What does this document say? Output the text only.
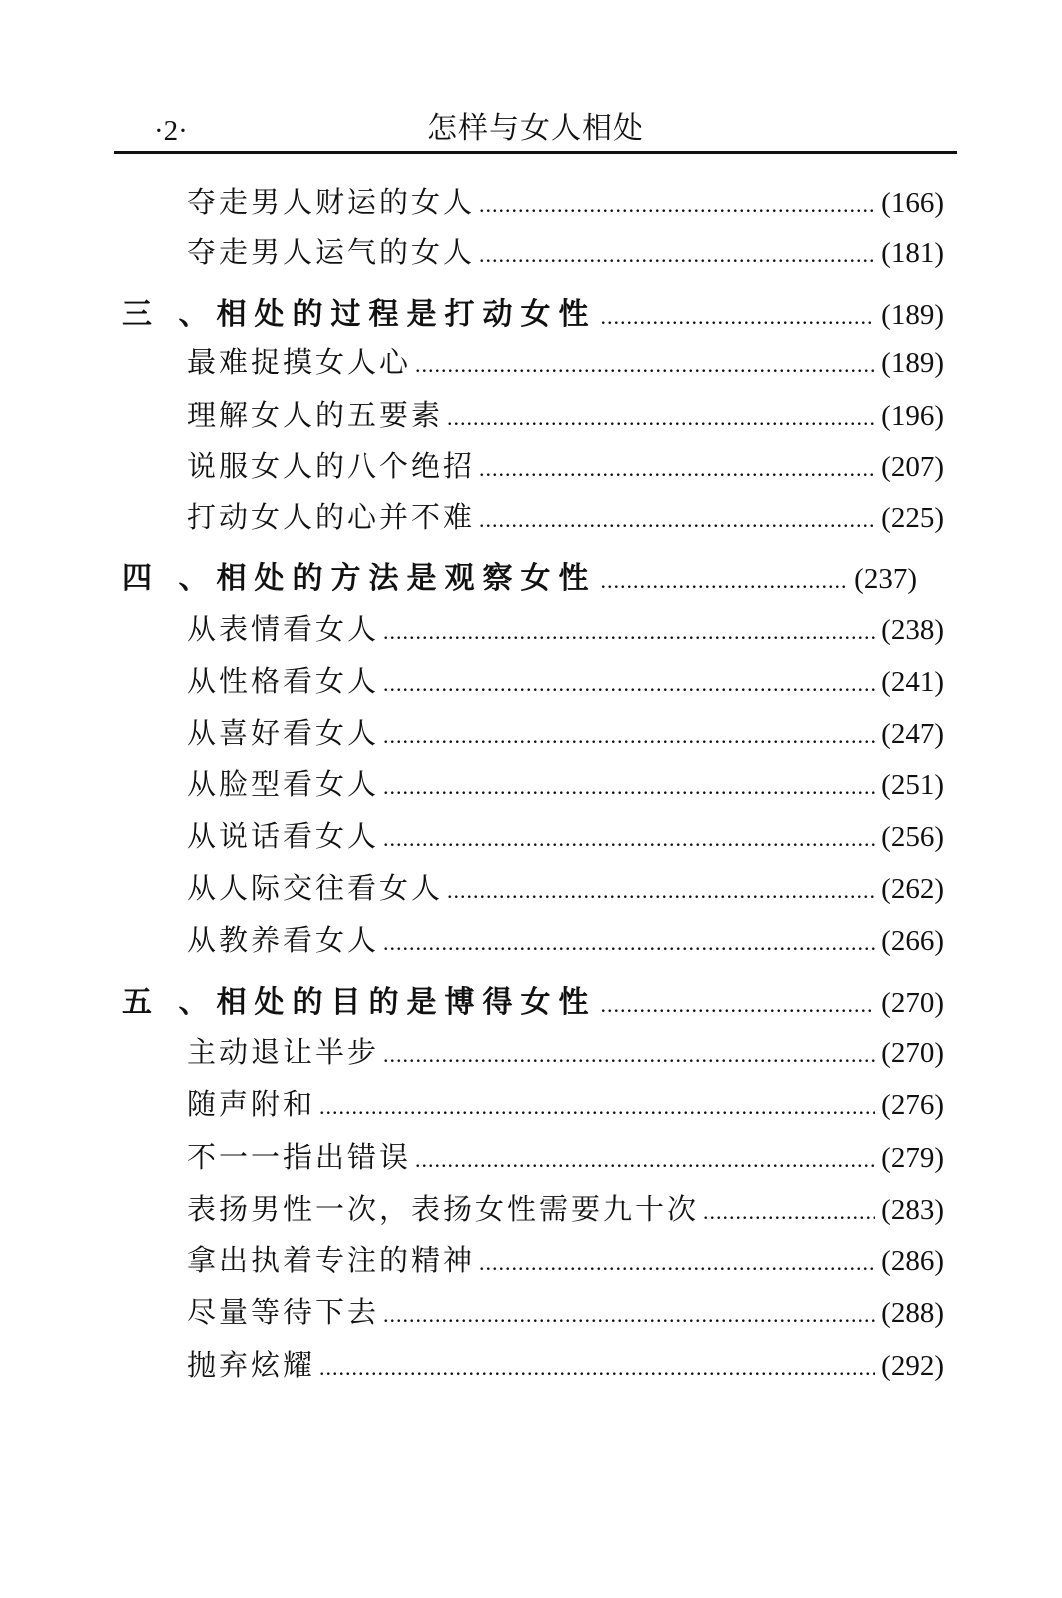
·2·	怎样与女人相处
夺走男人财运的女人 .....	(166)
夺走男人运气的女人 .....	(181)
三 、相处的过程是打动女性 .....	(189)
最难捉摸女人心 .....	(189)
理解女人的五要素 .....	(196)
说服女人的八个绝招 .....	(207)
打动女人的心并不难 .....	(225)
四 、相处的方法是观察女性 .....	(237)
从表情看女人 .....	(238)
从性格看女人 .....	(241)
从喜好看女人 .....	(247)
从脸型看女人 .....	(251)
从说话看女人 .....	(256)
从人际交往看女人 .....	(262)
从教养看女人 .....	(266)
五 、相处的目的是博得女性 .....	(270)
主动退让半步 .....	(270)
随声附和 .....	(276)
不一一指出错误 .....	(279)
表扬男性一次，表扬女性需要九十次 .....	(283)
拿出执着专注的精神 .....	(286)
尽量等待下去 .....	(288)
抛弃炫耀 .....	(292)
